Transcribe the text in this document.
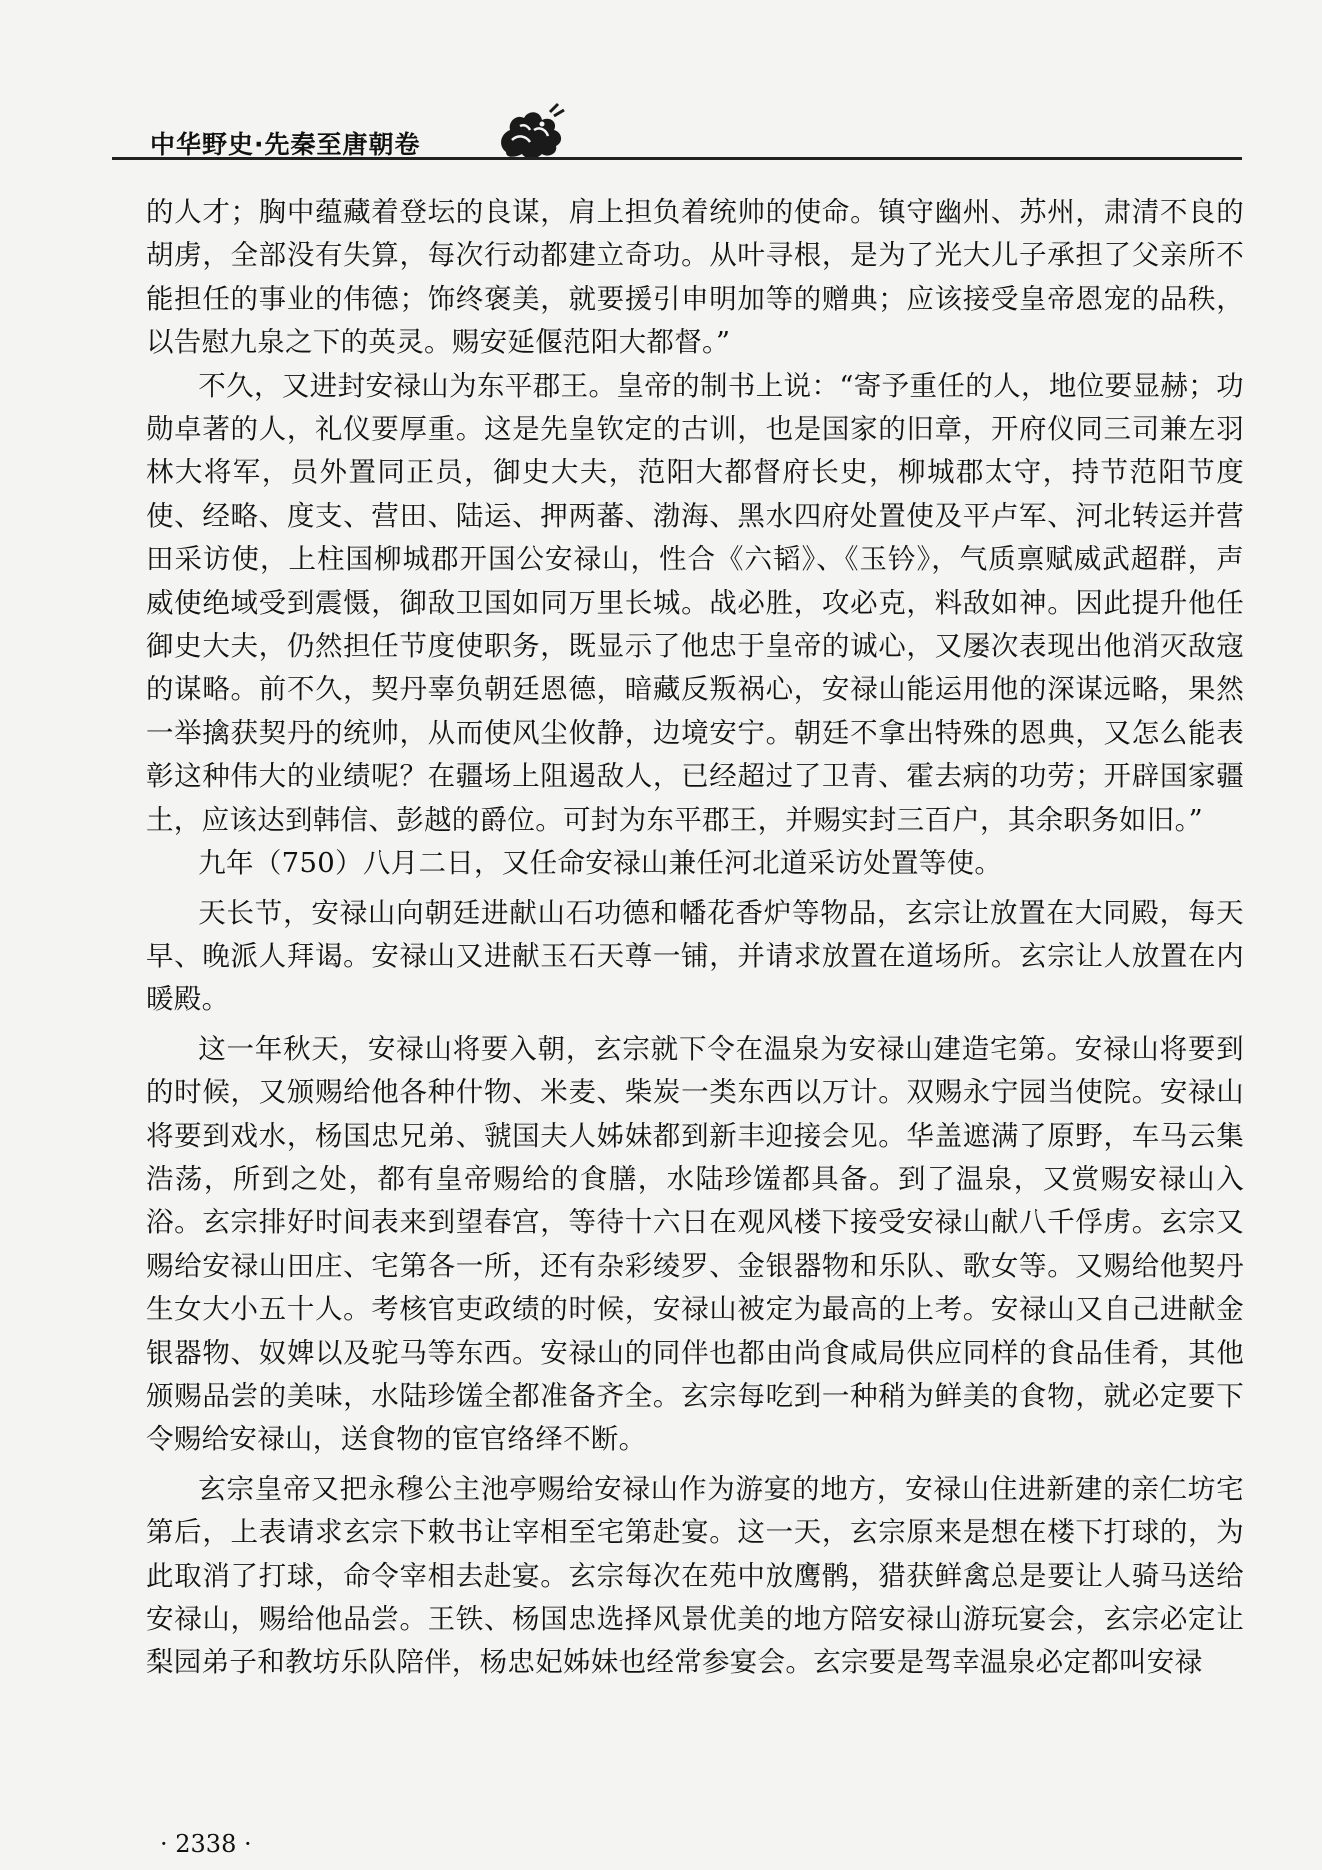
中华野史·先秦至唐朝卷

的人才；胸中蕴藏着登坛的良谋，肩上担负着统帅的使命。镇守幽州、苏州，肃清不良的胡虏，全部没有失算，每次行动都建立奇功。从叶寻根，是为了光大儿子承担了父亲所不能担任的事业的伟德；饰终褒美，就要援引申明加等的赠典；应该接受皇帝恩宠的品秩，以告慰九泉之下的英灵。赐安延偃范阳大都督。”

不久，又进封安禄山为东平郡王。皇帝的制书上说：“寄予重任的人，地位要显赫；功勋卓著的人，礼仪要厚重。这是先皇钦定的古训，也是国家的旧章，开府仪同三司兼左羽林大将军，员外置同正员，御史大夫，范阳大都督府长史，柳城郡太守，持节范阳节度使、经略、度支、营田、陆运、押两蕃、渤海、黑水四府处置使及平卢军、河北转运并营田采访使，上柱国柳城郡开国公安禄山，性合《六韬》、《玉钤》，气质禀赋威武超群，声威使绝域受到震慑，御敌卫国如同万里长城。战必胜，攻必克，料敌如神。因此提升他任御史大夫，仍然担任节度使职务，既显示了他忠于皇帝的诚心，又屡次表现出他消灭敌寇的谋略。前不久，契丹辜负朝廷恩德，暗藏反叛祸心，安禄山能运用他的深谋远略，果然一举擒获契丹的统帅，从而使风尘攸静，边境安宁。朝廷不拿出特殊的恩典，又怎么能表彰这种伟大的业绩呢？在疆场上阻遏敌人，已经超过了卫青、霍去病的功劳；开辟国家疆土，应该达到韩信、彭越的爵位。可封为东平郡王，并赐实封三百户，其余职务如旧。”

九年（750）八月二日，又任命安禄山兼任河北道采访处置等使。

天长节，安禄山向朝廷进献山石功德和幡花香炉等物品，玄宗让放置在大同殿，每天早、晚派人拜谒。安禄山又进献玉石天尊一铺，并请求放置在道场所。玄宗让人放置在内暖殿。

这一年秋天，安禄山将要入朝，玄宗就下令在温泉为安禄山建造宅第。安禄山将要到的时候，又颁赐给他各种什物、米麦、柴炭一类东西以万计。双赐永宁园当使院。安禄山将要到戏水，杨国忠兄弟、虢国夫人姊妹都到新丰迎接会见。华盖遮满了原野，车马云集浩荡，所到之处，都有皇帝赐给的食膳，水陆珍馐都具备。到了温泉，又赏赐安禄山入浴。玄宗排好时间表来到望春宫，等待十六日在观风楼下接受安禄山献八千俘虏。玄宗又赐给安禄山田庄、宅第各一所，还有杂彩绫罗、金银器物和乐队、歌女等。又赐给他契丹生女大小五十人。考核官吏政绩的时候，安禄山被定为最高的上考。安禄山又自己进献金银器物、奴婢以及驼马等东西。安禄山的同伴也都由尚食咸局供应同样的食品佳肴，其他颁赐品尝的美味，水陆珍馐全都准备齐全。玄宗每吃到一种稍为鲜美的食物，就必定要下令赐给安禄山，送食物的宦官络绎不断。

玄宗皇帝又把永穆公主池亭赐给安禄山作为游宴的地方，安禄山住进新建的亲仁坊宅第后，上表请求玄宗下敕书让宰相至宅第赴宴。这一天，玄宗原来是想在楼下打球的，为此取消了打球，命令宰相去赴宴。玄宗每次在苑中放鹰鹘，猎获鲜禽总是要让人骑马送给安禄山，赐给他品尝。王铁、杨国忠选择风景优美的地方陪安禄山游玩宴会，玄宗必定让梨园弟子和教坊乐队陪伴，杨忠妃姊妹也经常参宴会。玄宗要是驾幸温泉必定都叫安禄

· 2338 ·
